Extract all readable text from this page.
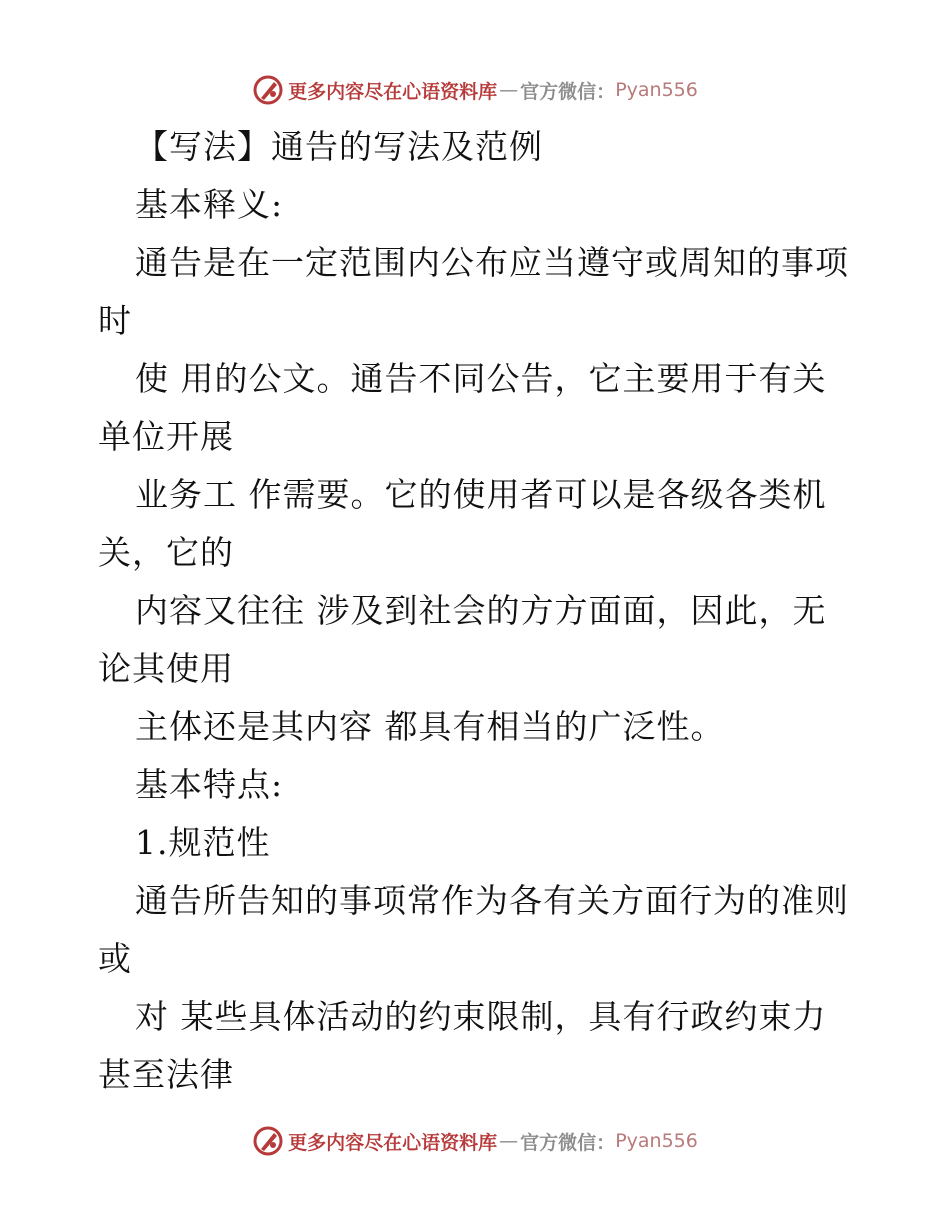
更多内容尽在心语资料库 — 官方微信： Pyan556
【写法】通告的写法及范例
基本释义:
通告是在一定范围内公布应当遵守或周知的事项
时
使 用的公文。通告不同公告，它主要用于有关
单位开展
业务工 作需要。它的使用者可以是各级各类机
关，它的
内容又往往 涉及到社会的方方面面，因此，无
论其使用
主体还是其内容 都具有相当的广泛性。
基本特点:
1.规范性
通告所告知的事项常作为各有关方面行为的准则
或
对 某些具体活动的约束限制，具有行政约束力
甚至法律
更多内容尽在心语资料库 — 官方微信： Pyan556
